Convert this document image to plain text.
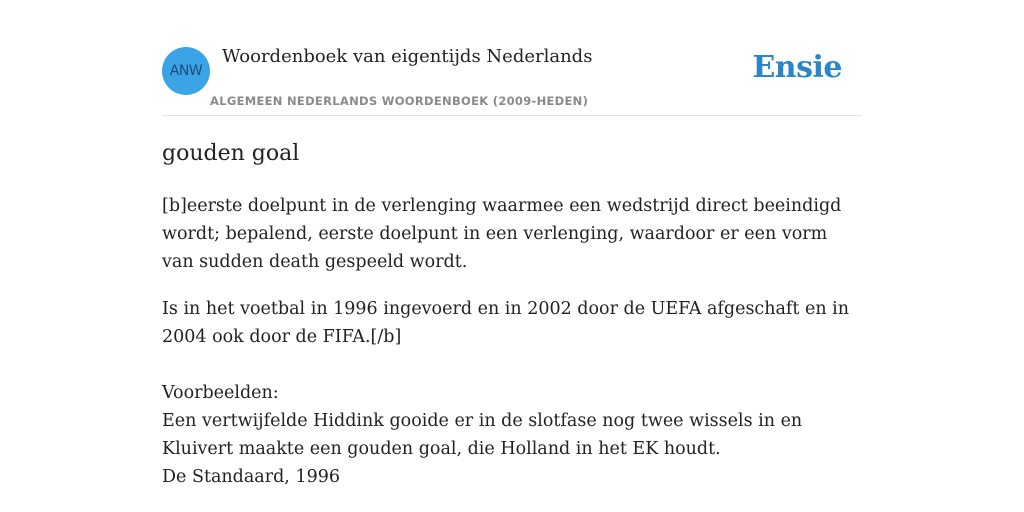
ANW
Woordenboek van eigentijds Nederlands
ALGEMEEN NEDERLANDS WOORDENBOEK (2009-HEDEN)
Ensie
gouden goal
[b]eerste doelpunt in de verlenging waarmee een wedstrijd direct beeindigd wordt; bepalend, eerste doelpunt in een verlenging, waardoor er een vorm van sudden death gespeeld wordt.
Is in het voetbal in 1996 ingevoerd en in 2002 door de UEFA afgeschaft en in 2004 ook door de FIFA.[/b]
Voorbeelden:
Een vertwijfelde Hiddink gooide er in de slotfase nog twee wissels in en Kluivert maakte een gouden goal, die Holland in het EK houdt.
De Standaard, 1996
